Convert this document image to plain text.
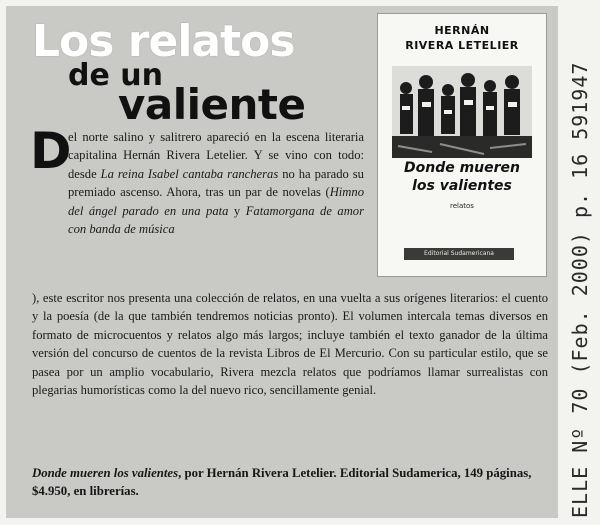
Los relatos
de un
valiente
HERNÁN
RIVERA LETELIER
Donde mueren
los valientes
relatos
Editorial Sudamericana
D
el norte salino y salitrero apareció en la escena literaria capitalina Hernán Rivera Letelier. Y se vino con todo: desde La reina Isabel cantaba rancheras no ha parado su premiado ascenso. Ahora, tras un par de novelas (Himno del ángel parado en una pata y Fatamorgana de amor con banda de música
), este escritor nos presenta una colección de relatos, en una vuelta a sus orígenes literarios: el cuento y la poesía (de la que también tendremos noticias pronto). El volumen intercala temas diversos en formato de microcuentos y relatos algo más largos; incluye también el texto ganador de la última versión del concurso de cuentos de la revista Libros de El Mercurio. Con su particular estilo, que se pasea por un amplio vocabulario, Rivera mezcla relatos que podríamos llamar surrealistas con plegarias humorísticas como la del nuevo rico, sencillamente genial.
Donde mueren los valientes, por Hernán Rivera Letelier. Editorial Sudamerica, 149 páginas, $4.950, en librerías.	ELLE Nº 70 (Feb. 2000) p. 16 591947
